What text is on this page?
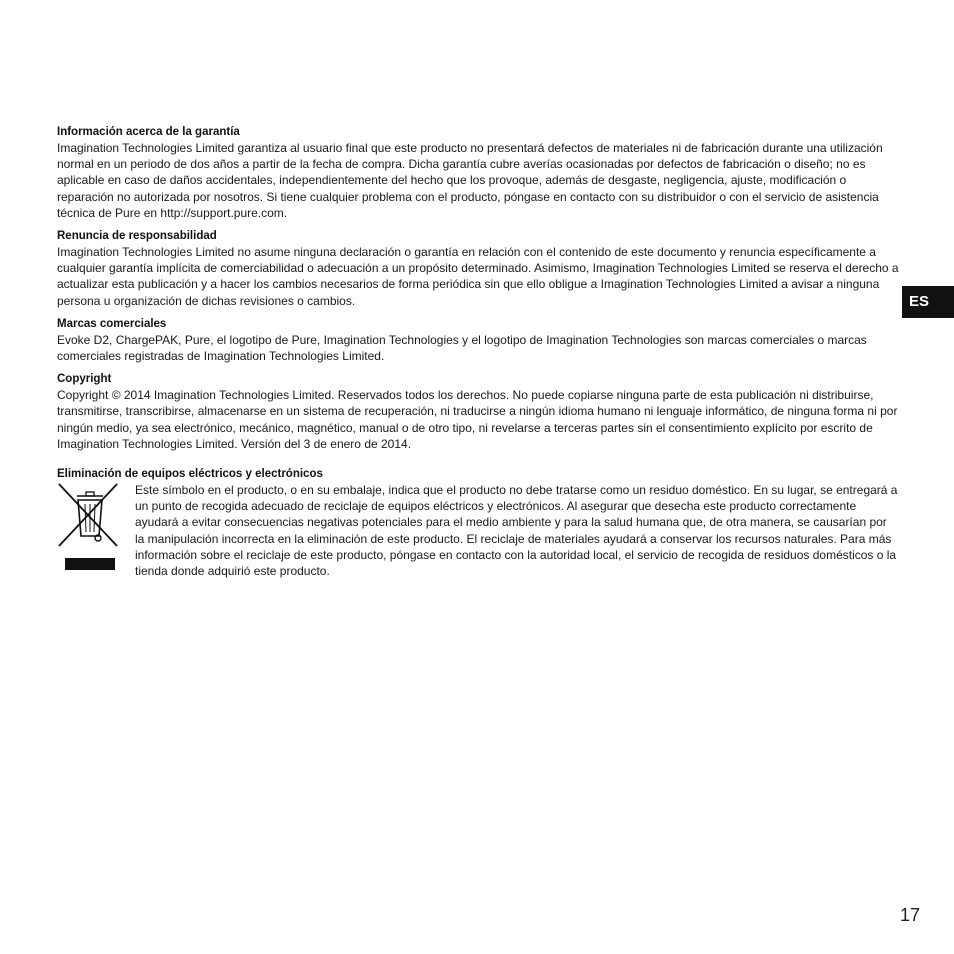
Información acerca de la garantía

Imagination Technologies Limited garantiza al usuario final que este producto no presentará defectos de materiales ni de fabricación durante una utilización normal en un periodo de dos años a partir de la fecha de compra. Dicha garantía cubre averías ocasionadas por defectos de fabricación o diseño; no es aplicable en caso de daños accidentales, independientemente del hecho que los provoque, además de desgaste, negligencia, ajuste, modificación o reparación no autorizada por nosotros. Si tiene cualquier problema con el producto, póngase en contacto con su distribuidor o con el servicio de asistencia técnica de Pure en http://support.pure.com.

Renuncia de responsabilidad

Imagination Technologies Limited no asume ninguna declaración o garantía en relación con el contenido de este documento y renuncia específicamente a cualquier garantía implícita de comerciabilidad o adecuación a un propósito determinado. Asimismo, Imagination Technologies Limited se reserva el derecho a actualizar esta publicación y a hacer los cambios necesarios de forma periódica sin que ello obligue a Imagination Technologies Limited a avisar a ninguna persona u organización de dichas revisiones o cambios.

Marcas comerciales

Evoke D2, ChargePAK, Pure, el logotipo de Pure, Imagination Technologies y el logotipo de Imagination Technologies son marcas comerciales o marcas comerciales registradas de Imagination Technologies Limited.

Copyright

Copyright © 2014 Imagination Technologies Limited. Reservados todos los derechos. No puede copiarse ninguna parte de esta publicación ni distribuirse, transmitirse, transcribirse, almacenarse en un sistema de recuperación, ni traducirse a ningún idioma humano ni lenguaje informático, de ninguna forma ni por ningún medio, ya sea electrónico, mecánico, magnético, manual o de otro tipo, ni revelarse a terceras partes sin el consentimiento explícito por escrito de Imagination Technologies Limited. Versión del 3 de enero de 2014.

Eliminación de equipos eléctricos y electrónicos

Este símbolo en el producto, o en su embalaje, indica que el producto no debe tratarse como un residuo doméstico. En su lugar, se entregará a un punto de recogida adecuado de reciclaje de equipos eléctricos y electrónicos. Al asegurar que desecha este producto correctamente ayudará a evitar consecuencias negativas potenciales para el medio ambiente y para la salud humana que, de otra manera, se causarían por la manipulación incorrecta en la eliminación de este producto. El reciclaje de materiales ayudará a conservar los recursos naturales. Para más información sobre el reciclaje de este producto, póngase en contacto con la autoridad local, el servicio de recogida de residuos domésticos o la tienda donde adquirió este producto.

ES
17
